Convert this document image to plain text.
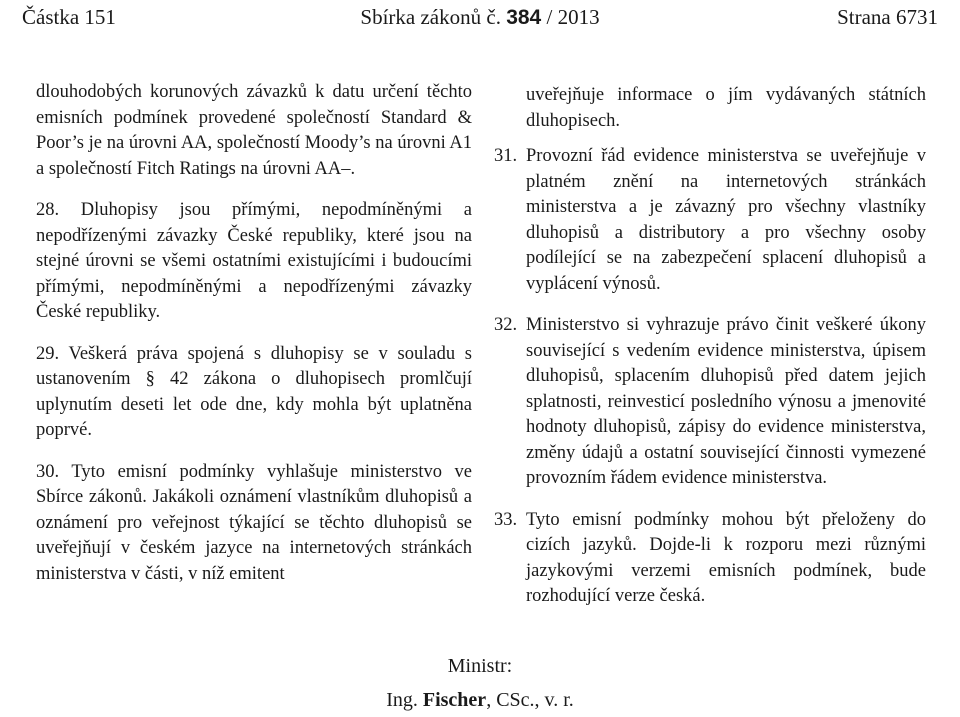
Částka 151	Sbírka zákonů č. 384 / 2013	Strana 6731

dlouhodobých korunových závazků k datu určení těchto emisních podmínek provedené společností Standard & Poor’s je na úrovni AA, společností Moody’s na úrovni A1 a společností Fitch Ratings na úrovni AA–.

28. Dluhopisy jsou přímými, nepodmíněnými a nepodřízenými závazky České republiky, které jsou na stejné úrovni se všemi ostatními existujícími i budoucími přímými, nepodmíněnými a nepodřízenými závazky České republiky.
29. Veškerá práva spojená s dluhopisy se v souladu s ustanovením § 42 zákona o dluhopisech promlčují uplynutím deseti let ode dne, kdy mohla být uplatněna poprvé.
30. Tyto emisní podmínky vyhlašuje ministerstvo ve Sbírce zákonů. Jakákoli oznámení vlastníkům dluhopisů a oznámení pro veřejnost týkající se těchto dluhopisů se uveřejňují v českém jazyce na internetových stránkách ministerstva v části, v níž emitent

uveřejňuje informace o jím vydávaných státních dluhopisech.

31. Provozní řád evidence ministerstva se uveřejňuje v platném znění na internetových stránkách ministerstva a je závazný pro všechny vlastníky dluhopisů a distributory a pro všechny osoby podílející se na zabezpečení splacení dluhopisů a vyplácení výnosů.
32. Ministerstvo si vyhrazuje právo činit veškeré úkony související s vedením evidence ministerstva, úpisem dluhopisů, splacením dluhopisů před datem jejich splatnosti, reinvesticí posledního výnosu a jmenovité hodnoty dluhopisů, zápisy do evidence ministerstva, změny údajů a ostatní související činnosti vymezené provozním řádem evidence ministerstva.
33. Tyto emisní podmínky mohou být přeloženy do cizích jazyků. Dojde-li k rozporu mezi různými jazykovými verzemi emisních podmínek, bude rozhodující verze česká.
Ministr:
Ing. Fischer, CSc., v. r.
